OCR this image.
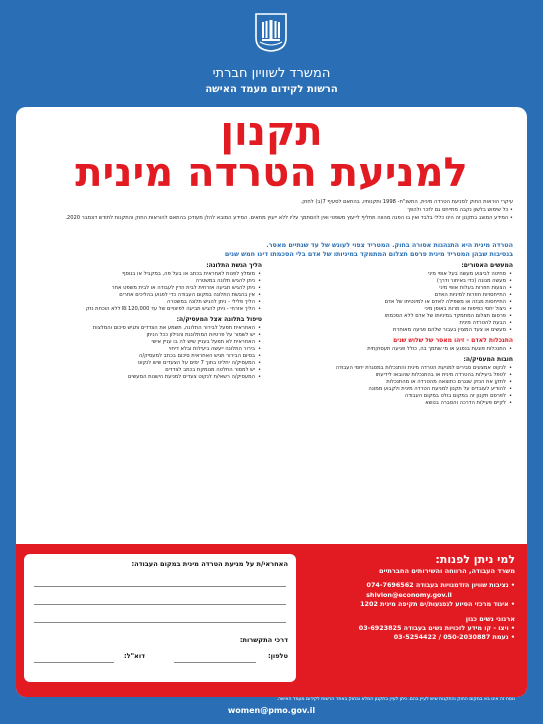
המשרד לשוויון חברתי
הרשות לקידום מעמד האישה
תקנון
למניעת הטרדה מינית
עיקרי הוראות החוק למניעת הטרדה מינית, התשנ"ח- 1998 ותקנותיו, בהתאם לסעיף 7(ב) לחוק.
• כל שימוש בלשון נקבה מתייחס גם לזכר ולהפך
• המידע המוצג בתקנון זה הינו כללי בלבד ואין בו הפנה מהווה תחליף לייעוץ משפטי ואין להסתמך עליו ללא ייעוץ מתאים. המידע המובא להלן מעודכן בהתאם להוראות החוק והתקנות לחודש דצמבר 2020.
הטרדה מינית היא התנהגות אסורה בחוק. המטריד צפוי לעונש של עד שנתיים מאסר.
בנסיבות שבהן המטריד מינית פרסם תצלום המתמקד במיניותו של אדם בלי הסכמתו דינו חמש שנים
המעשים האסורים:
• סחיטה לביצוע מעשה בעל אופי מיני
• מעשה מגונה (כדי באיחור ודרך)
• הצעות חוזרות בעלות אופי מיני
• התייחסויות חוזרות למיניות האדם
• התייחסות מבזה או משפילה לאדם או למינטיתו של אדם
• ניצול יחסי כפיפות או מרות באופן מיני
• פרסום תצלום המתמקד במיניותו של אדם ללא הסכמתו
• הבעת להטרדה מינית
• מעשים או צעד המצוין בעבור שלהם פגיעה מאוחרת
התנכלות לאדם - זיהו מאסר של שלוש שנים
• התנכלות פוגעת בנפגע או מי שתמך בה, כולל פגיעה תעסוקתית
חובות המעסיק/ה:
• לנקוט אמצעים סבירים למניעת הטרדה מינית והתנכלות במסגרת יחסי העבודה
• לטפל ביעילות בהטרדה מינית או בהתנכלות שהובאו לידיעתו
• לתקן את הנזק שנגרם כתוצאה מהטרדה או מהתנכלות
• להודיע לעובדים על תקנון למניעת הטרדה מינית ולקבוע ממונה
• לפרסם תקנון זה במקום בולט במקום העבודה
• לקיים פעילות הדרכה והסברה בנושא
הליך הגשת התלונה:
• מומלץ לפנות לאחראית בכתב או בעל פה, במקביל או בנוסף
• ניתן להגיש תלונה במשטרה
• ניתן להגיש תביעה אזרחית לבית הדין לעבודה או לבית משפט אחר
• אין בהגשת התלונה במקום העבודה כדי לפגוע בהליכים אחרים
• הליך פלילי - ניתן להגיש תלונה במשטרה
• הליך אזרחי - ניתן להגיש תביעה לפיצויים של עד 120,000 ₪ ללא הוכחת נזק
טיפול בתלונה אצל המעסיק/ה:
• האחראית תפעל לבירור התלונה, תשמע את הצדדים ותגיש סיכום והמלצות
• יש לשמור על פרטיות המתלוננת והנילון ככל הניתן
• האחראית לא תפעל בעניין שיש לה בו עניין אישי
• בירור התלונה ייעשה ביעילות ובלא דיחוי
• בסיום הבירור תגיש האחראית סיכום בכתב למעסיק/ה
• המעסיק/ה יחליט בתוך 7 ימים על הצעדים שיש לנקוט
• יש למסור החלטה מנומקת בכתב לצדדים
• המעסיק/ה רשאי/ת לנקוט צעדים למניעת הישנות המעשים
האחראי/ת על מניעת הטרדה מינית במקום העבודה:
דרכי התקשרות:
טלפון:
דוא"ל:
למי ניתן לפנות:
משרד העבודה, הרווחה והשירותים החברתיים
• נציבות שוויון הזדמנויות בעבודה 074-7696562
shivion@economy.gov.il
• איגוד מרכזי הסיוע לנפגעות/ים תקיפה מינית 1202
ארגוני נשים כגון
• ויצו - קו מידע לזכויות נשים בעבודה 03-6923825
• נעמת 050-2030887 / 03-5254422
נוסח זה אינו בא במקום החוק והתקנות שיש לעיין בהם. ניתן לעיין בתקנון המלא ובחוק באתר הרשות לקידום מעמד האישה.
women@pmo.gov.il
